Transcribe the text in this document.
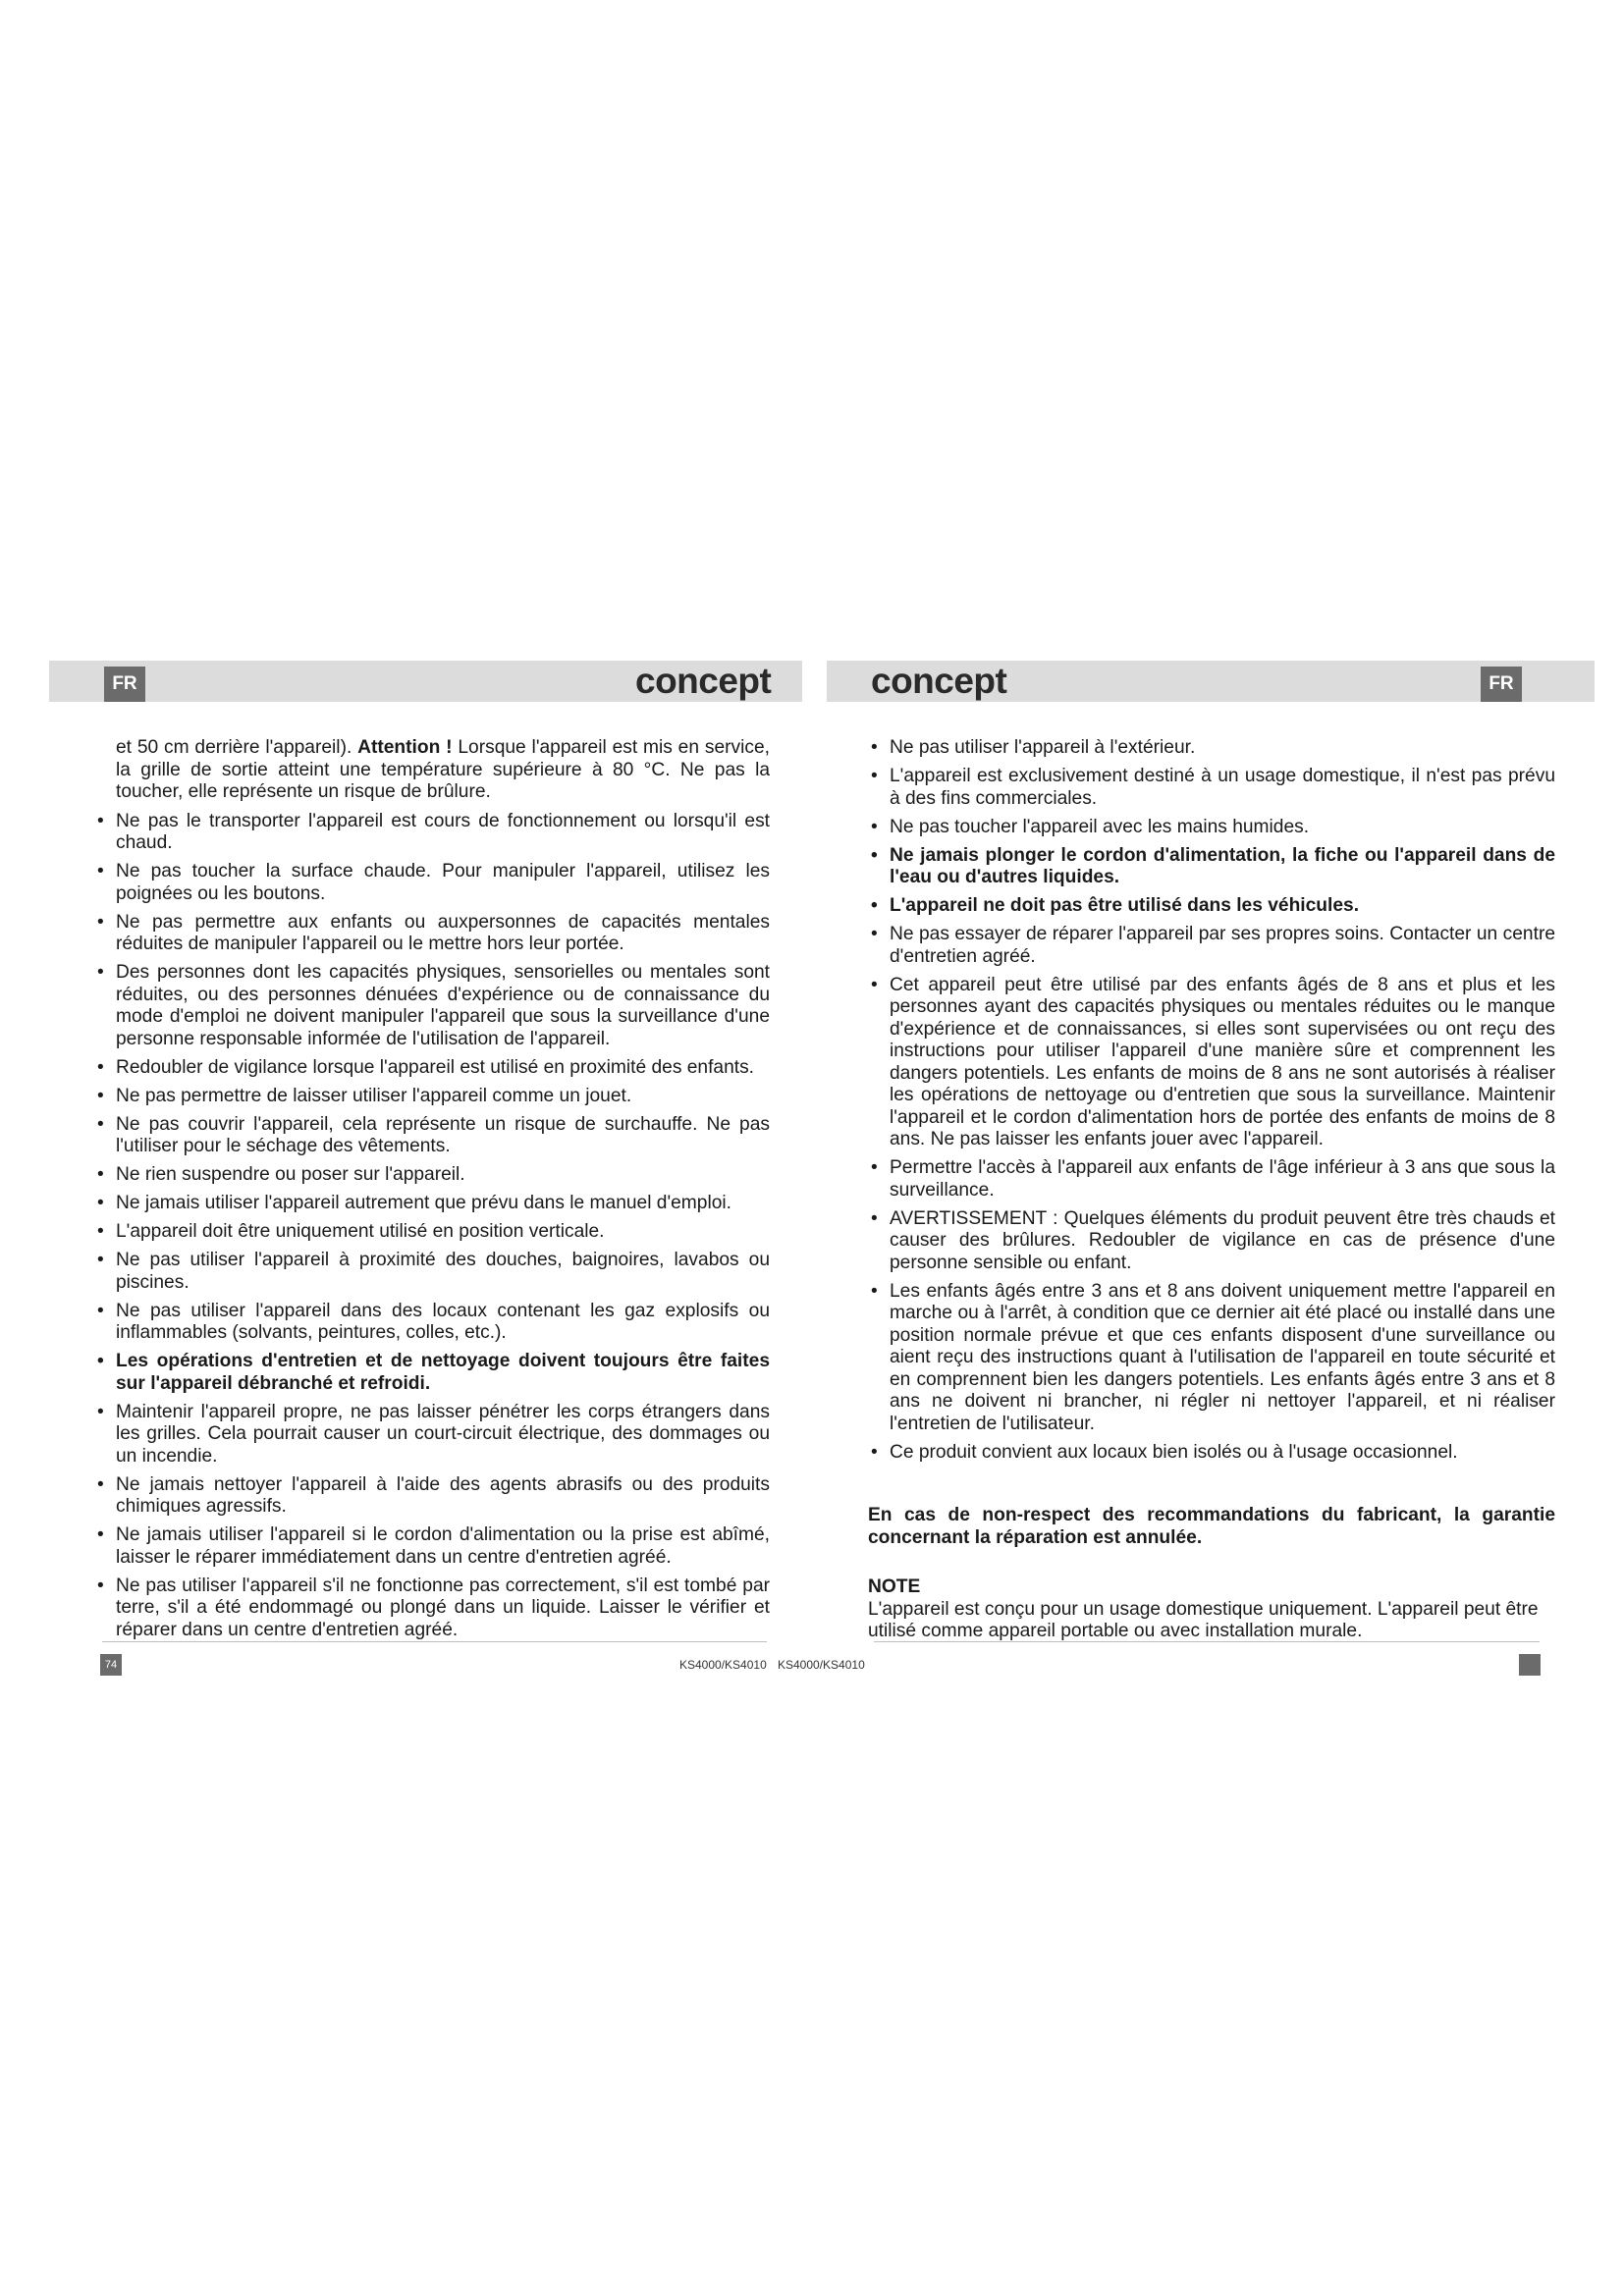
FR	FR
concept	concept

et 50 cm derrière l'appareil). Attention ! Lorsque l'appareil est mis en service, la grille de sortie atteint une température supérieure à 80 °C. Ne pas la toucher, elle représente un risque de brûlure.

• Ne pas le transporter l'appareil est cours de fonctionnement ou lorsqu'il est chaud.
• Ne pas toucher la surface chaude. Pour manipuler l'appareil, utilisez les poignées ou les boutons.
• Ne pas permettre aux enfants ou auxpersonnes de capacités mentales réduites de manipuler l'appareil ou le mettre hors leur portée.
• Des personnes dont les capacités physiques, sensorielles ou mentales sont réduites, ou des personnes dénuées d'expérience ou de connaissance du mode d'emploi ne doivent manipuler l'appareil que sous la surveillance d'une personne responsable informée de l'utilisation de l'appareil.
• Redoubler de vigilance lorsque l'appareil est utilisé en proximité des enfants.
• Ne pas permettre de laisser utiliser l'appareil comme un jouet.
• Ne pas couvrir l'appareil, cela représente un risque de surchauffe. Ne pas l'utiliser pour le séchage des vêtements.
• Ne rien suspendre ou poser sur l'appareil.
• Ne jamais utiliser l'appareil autrement que prévu dans le manuel d'emploi.
• L'appareil doit être uniquement utilisé en position verticale.
• Ne pas utiliser l'appareil à proximité des douches, baignoires, lavabos ou piscines.
• Ne pas utiliser l'appareil dans des locaux contenant les gaz explosifs ou inflammables (solvants, peintures, colles, etc.).
• Les opérations d'entretien et de nettoyage doivent toujours être faites sur l'appareil débranché et refroidi.
• Maintenir l'appareil propre, ne pas laisser pénétrer les corps étrangers dans les grilles. Cela pourrait causer un court-circuit électrique, des dommages ou un incendie.
• Ne jamais nettoyer l'appareil à l'aide des agents abrasifs ou des produits chimiques agressifs.
• Ne jamais utiliser l'appareil si le cordon d'alimentation ou la prise est abîmé, laisser le réparer immédiatement dans un centre d'entretien agréé.
• Ne pas utiliser l'appareil s'il ne fonctionne pas correctement, s'il est tombé par terre, s'il a été endommagé ou plongé dans un liquide. Laisser le vérifier et réparer dans un centre d'entretien agréé.
• Ne pas utiliser l'appareil à l'extérieur.
• L'appareil est exclusivement destiné à un usage domestique, il n'est pas prévu à des fins commerciales.
• Ne pas toucher l'appareil avec les mains humides.
• Ne jamais plonger le cordon d'alimentation, la fiche ou l'appareil dans de l'eau ou d'autres liquides.
• L'appareil ne doit pas être utilisé dans les véhicules.
• Ne pas essayer de réparer l'appareil par ses propres soins. Contacter un centre d'entretien agréé.
• Cet appareil peut être utilisé par des enfants âgés de 8 ans et plus et les personnes ayant des capacités physiques ou mentales réduites ou le manque d'expérience et de connaissances, si elles sont supervisées ou ont reçu des instructions pour utiliser l'appareil d'une manière sûre et comprennent les dangers potentiels. Les enfants de moins de 8 ans ne sont autorisés à réaliser les opérations de nettoyage ou d'entretien que sous la surveillance. Maintenir l'appareil et le cordon d'alimentation hors de portée des enfants de moins de 8 ans. Ne pas laisser les enfants jouer avec l'appareil.
• Permettre l'accès à l'appareil aux enfants de l'âge inférieur à 3 ans que sous la surveillance.
• AVERTISSEMENT : Quelques éléments du produit peuvent être très chauds et causer des brûlures. Redoubler de vigilance en cas de présence d'une personne sensible ou enfant.
• Les enfants âgés entre 3 ans et 8 ans doivent uniquement mettre l'appareil en marche ou à l'arrêt, à condition que ce dernier ait été placé ou installé dans une position normale prévue et que ces enfants disposent d'une surveillance ou aient reçu des instructions quant à l'utilisation de l'appareil en toute sécurité et en comprennent bien les dangers potentiels. Les enfants âgés entre 3 ans et 8 ans ne doivent ni brancher, ni régler ni nettoyer l'appareil, et ni réaliser l'entretien de l'utilisateur.
• Ce produit convient aux locaux bien isolés ou à l'usage occasionnel.

En cas de non-respect des recommandations du fabricant, la garantie concernant la réparation est annulée.

NOTE

L'appareil est conçu pour un usage domestique uniquement. L'appareil peut être utilisé comme appareil portable ou avec installation murale.

74	KS4000/KS4010 KS4000/KS4010
